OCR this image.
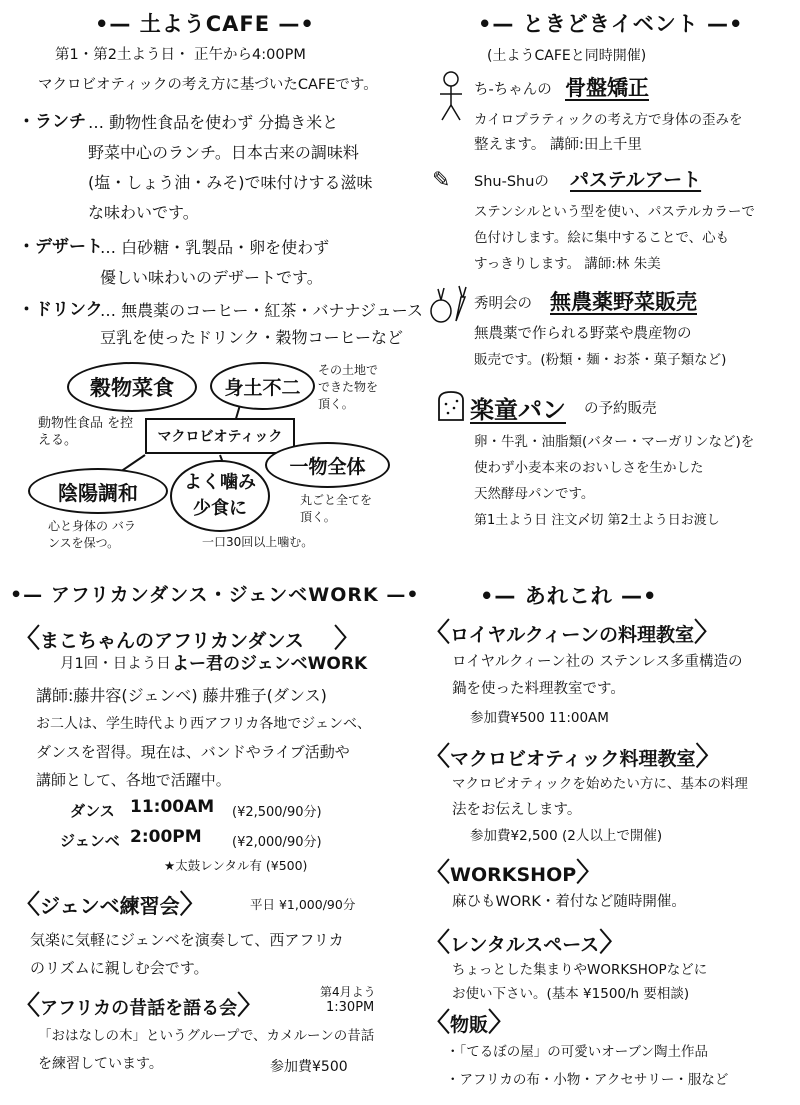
•— 土ようCAFE —•
第1・第2土よう日・ 正午から4:00PM
マクロビオティックの考え方に基づいたCAFEです。
・ランチ … 動物性食品を使わず 分搗き米と
野菜中心のランチ。日本古来の調味料
(塩・しょう油・みそ)で味付けする滋味
な味わいです。
・デザート
… 白砂糖・乳製品・卵を使わず
優しい味わいのデザートです。
・ドリンク
… 無農薬のコーヒー・紅茶・バナナジュース
豆乳を使ったドリンク・穀物コーヒーなど
穀物菜食	身土不二
その土地で できた物を 頂く。
動物性食品 を控える。	マクロビオティック
陰陽調和	よく噛み 少食に
一物全体
丸ごと全てを 頂く。
心と身体の バランスを保つ。	一口30回以上噛む。
•— ときどきイベント —•
(土ようCAFEと同時開催)
ち-ちゃんの 骨盤矯正
カイロプラティックの考え方で身体の歪みを
整えます。 講師:田上千里
✎ Shu-Shuの パステルアート
ステンシルという型を使い、パステルカラーで
色付けします。絵に集中することで、心も
すっきりします。 講師:林 朱美
秀明会の 無農薬野菜販売
無農薬で作られる野菜や農産物の
販売です。(粉類・麺・お茶・菓子類など)
楽童パン の予約販売
卵・牛乳・油脂類(バター・マーガリンなど)を
使わず小麦本来のおいしさを生かした
天然酵母パンです。
第1土よう日 注文〆切 第2土よう日お渡し
•— アフリカンダンス・ジェンベWORK —•
〈まこちゃんのアフリカンダンス 〉
月1回・日よう日 よー君のジェンベWORK
講師:藤井容(ジェンベ) 藤井雅子(ダンス)
お二人は、学生時代より西アフリカ各地でジェンベ、
ダンスを習得。現在は、バンドやライブ活動や
講師として、各地で活躍中。
ダンス 11:00AM (¥2,500/90分)
ジェンベ 2:00PM (¥2,000/90分)
★太鼓レンタル有 (¥500)
〈ジェンベ練習会〉	平日 ¥1,000/90分
気楽に気軽にジェンベを演奏して、西アフリカ
のリズムに親しむ会です。
〈アフリカの昔話を語る会〉	第4月よう
1:30PM
「おはなしの木」というグループで、カメルーンの昔話
を練習しています。	参加費¥500
•— あれこれ —•
〈ロイヤルクィーンの料理教室〉
ロイヤルクィーン社の ステンレス多重構造の
鍋を使った料理教室です。
参加費¥500 11:00AM
〈マクロビオティック料理教室〉
マクロビオティックを始めたい方に、基本の料理
法をお伝えします。
参加費¥2,500 (2人以上で開催)
〈WORKSHOP〉
麻ひもWORK・着付など随時開催。
〈レンタルスペース〉
ちょっとした集まりやWORKSHOPなどに
お使い下さい。(基本 ¥1500/h 要相談)
〈物販〉
・「てるぼの屋」の可愛いオーブン陶土作品
・アフリカの布・小物・アクセサリー・服など
